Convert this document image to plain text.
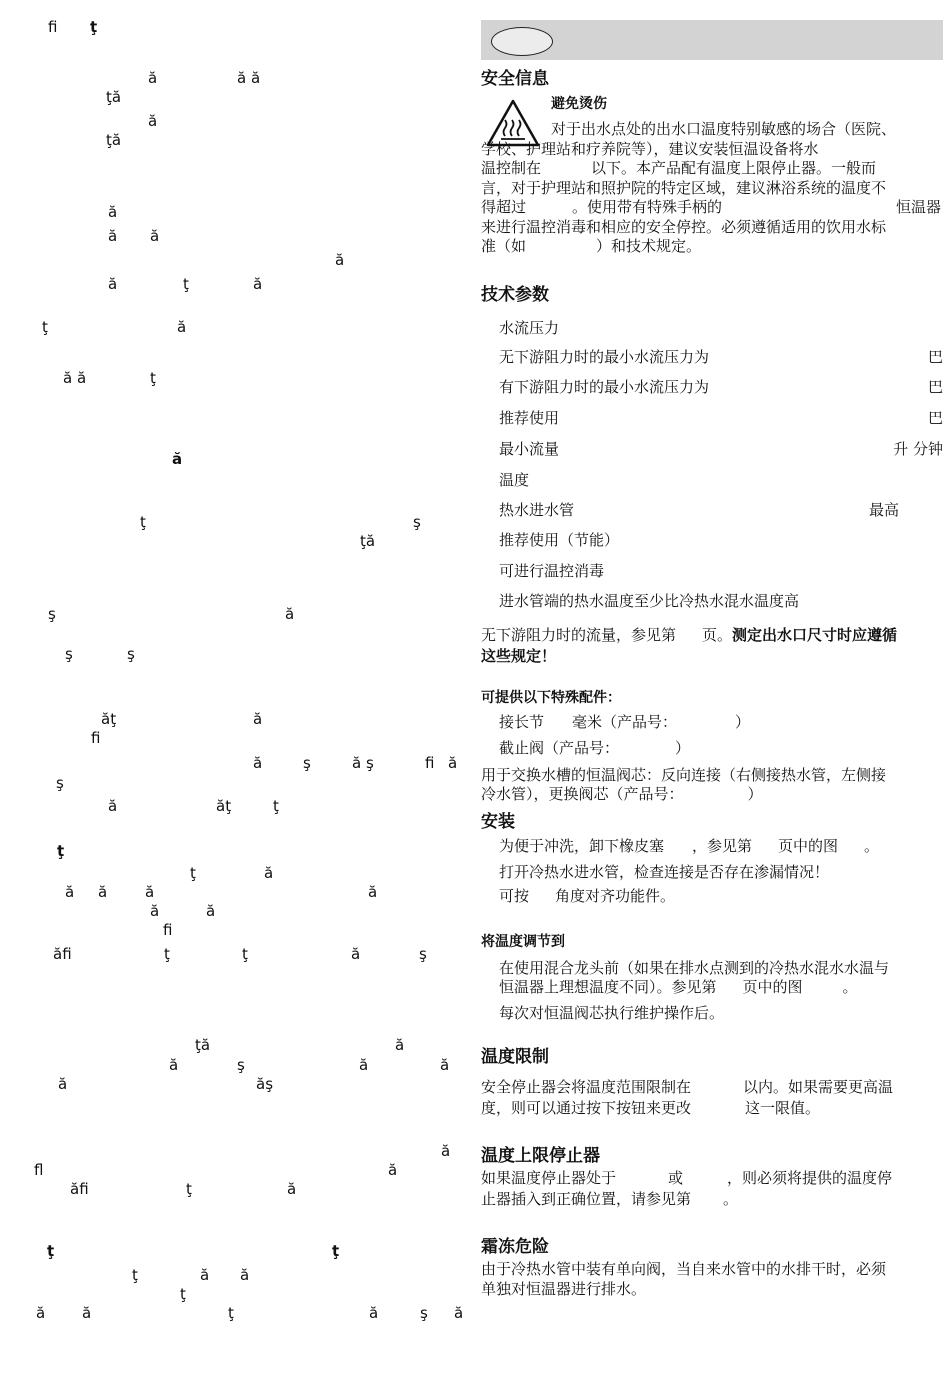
ﬁ ţ
ă	ă ă
ţă
ă
ţă
ă
ă ă
ă
ă	ţ	ă
ţ	ă
ă ă	ţ
ă
ţ	ş
ţă
ş	ă
ş	ş
ăţ	ă
ﬁ
ă	ş	ă ş	ﬁ ă
ş
ă	ăţ	ţ
ţ
ţ	ă
ă ă	ă	ă
ă	ă
ﬁ
ăﬁ	ţ	ţ	ă	ş
ţă	ă
ă	ş	ă	ă
ă	ăş
ă
ﬂ	ă
ăﬁ	ţ	ă
ţ	ţ
ţ	ă ă
ţ
ă ă	ţ	ă	ş ă
安全信息
避免烫伤
对于出水点处的出水口温度特别敏感的场合（医院、
学校、护理站和疗养院等），建议安装恒温设备将水
温控制在	以下。本产品配有温度上限停止器。一般而
言，对于护理站和照护院的特定区域，建议淋浴系统的温度不
得超过	。使用带有特殊手柄的	恒温器
来进行温控消毒和相应的安全停控。必须遵循适用的饮用水标
准（如	）和技术规定。
技术参数
水流压力
无下游阻力时的最小水流压力为	巴
有下游阻力时的最小水流压力为	巴
推荐使用	巴
最小流量	升 分钟
温度
热水进水管	最高
推荐使用（节能）
可进行温控消毒
进水管端的热水温度至少比冷热水混水温度高
无下游阻力时的流量，参见第 页。测定出水口尺寸时应遵循
这些规定！
可提供以下特殊配件：
接长节 毫米（产品号：	）
截止阀（产品号：	）
用于交换水槽的恒温阀芯：反向连接（右侧接热水管，左侧接
冷水管），更换阀芯（产品号：	）
安装
为便于冲洗，卸下橡皮塞 ，参见第 页中的图 。
打开冷热水进水管，检查连接是否存在渗漏情况！
可按 角度对齐功能件。
将温度调节到
在使用混合龙头前（如果在排水点测到的冷热水混水水温与
恒温器上理想温度不同）。参见第 页中的图	。
每次对恒温阀芯执行维护操作后。
温度限制
安全停止器会将温度范围限制在	以内。如果需要更高温
度，则可以通过按下按钮来更改	这一限值。
温度上限停止器
如果温度停止器处于	或	，则必须将提供的温度停
止器插入到正确位置，请参见第 。
霜冻危险
由于冷热水管中装有单向阀，当自来水管中的水排干时，必须
单独对恒温器进行排水。
